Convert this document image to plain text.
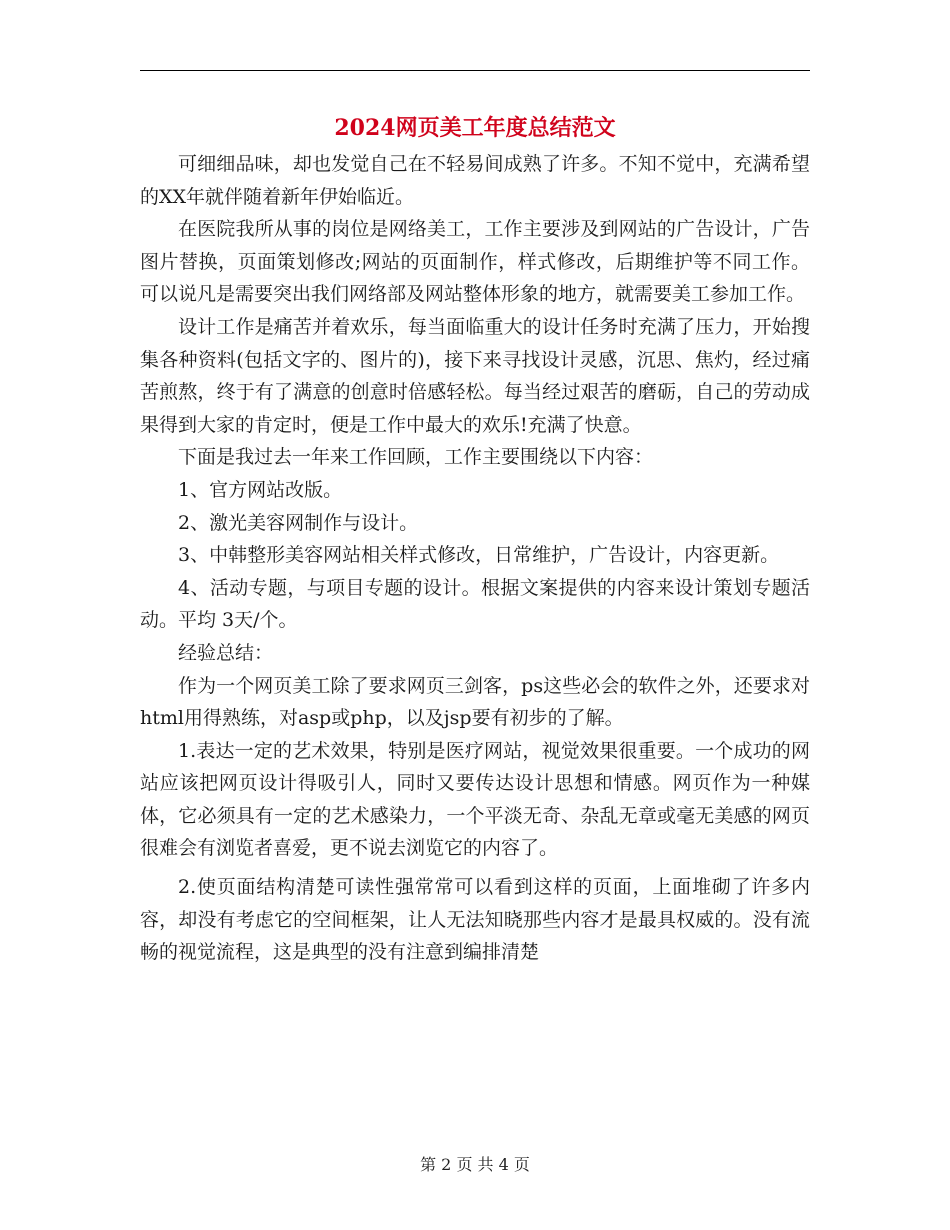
2024网页美工年度总结范文

可细细品味，却也发觉自己在不轻易间成熟了许多。不知不觉中，充满希望的XX年就伴随着新年伊始临近。

在医院我所从事的岗位是网络美工，工作主要涉及到网站的广告设计，广告图片替换，页面策划修改;网站的页面制作，样式修改，后期维护等不同工作。可以说凡是需要突出我们网络部及网站整体形象的地方，就需要美工参加工作。

设计工作是痛苦并着欢乐，每当面临重大的设计任务时充满了压力，开始搜集各种资料(包括文字的、图片的)，接下来寻找设计灵感，沉思、焦灼，经过痛苦煎熬，终于有了满意的创意时倍感轻松。每当经过艰苦的磨砺，自己的劳动成果得到大家的肯定时，便是工作中最大的欢乐!充满了快意。

下面是我过去一年来工作回顾，工作主要围绕以下内容：

1、官方网站改版。

2、激光美容网制作与设计。

3、中韩整形美容网站相关样式修改，日常维护，广告设计，内容更新。

4、活动专题，与项目专题的设计。根据文案提供的内容来设计策划专题活动。平均 3天/个。

经验总结：

作为一个网页美工除了要求网页三剑客，ps这些必会的软件之外，还要求对html用得熟练，对asp或php，以及jsp要有初步的了解。

1.表达一定的艺术效果，特别是医疗网站，视觉效果很重要。一个成功的网站应该把网页设计得吸引人，同时又要传达设计思想和情感。网页作为一种媒体，它必须具有一定的艺术感染力，一个平淡无奇、杂乱无章或毫无美感的网页很难会有浏览者喜爱，更不说去浏览它的内容了。

2.使页面结构清楚可读性强常常可以看到这样的页面，上面堆砌了许多内容，却没有考虑它的空间框架，让人无法知晓那些内容才是最具权威的。没有流畅的视觉流程，这是典型的没有注意到编排清楚

第 2 页 共 4 页
